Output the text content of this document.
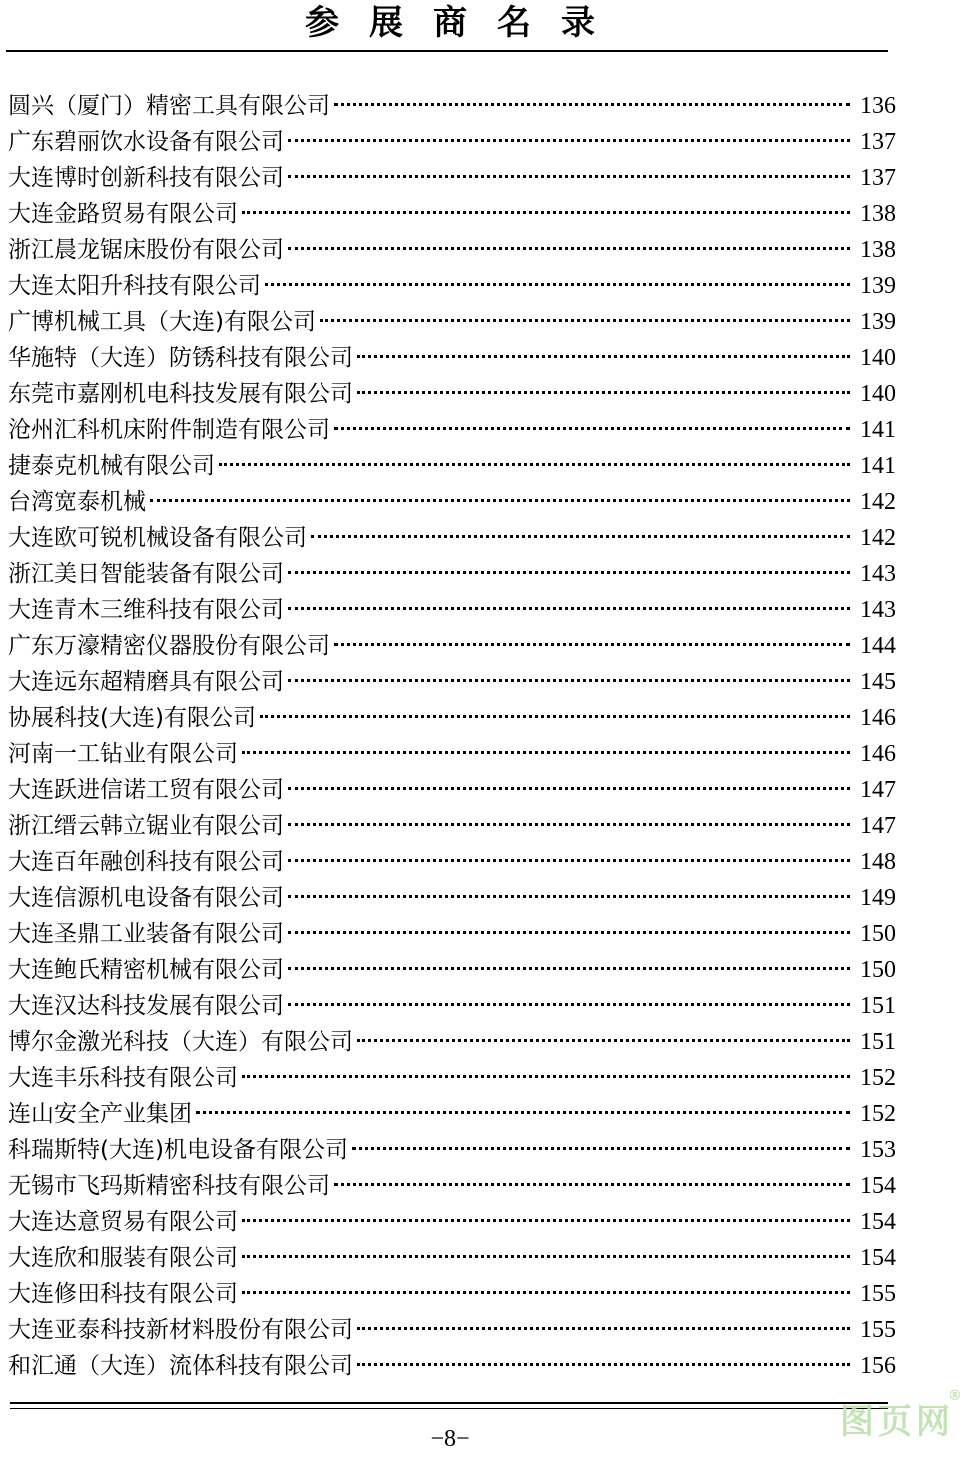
参展商名录
圆兴（厦门）精密工具有限公司	136
广东碧丽饮水设备有限公司	137
大连博时创新科技有限公司	137
大连金路贸易有限公司	138
浙江晨龙锯床股份有限公司	138
大连太阳升科技有限公司	139
广博机械工具（大连)有限公司	139
华施特（大连）防锈科技有限公司	140
东莞市嘉刚机电科技发展有限公司	140
沧州汇科机床附件制造有限公司	141
捷泰克机械有限公司	141
台湾宽泰机械	142
大连欧可锐机械设备有限公司	142
浙江美日智能装备有限公司	143
大连青木三维科技有限公司	143
广东万濠精密仪器股份有限公司	144
大连远东超精磨具有限公司	145
协展科技(大连)有限公司	146
河南一工钻业有限公司	146
大连跃进信诺工贸有限公司	147
浙江缙云韩立锯业有限公司	147
大连百年融创科技有限公司	148
大连信源机电设备有限公司	149
大连圣鼎工业装备有限公司	150
大连鲍氏精密机械有限公司	150
大连汉达科技发展有限公司	151
博尔金激光科技（大连）有限公司	151
大连丰乐科技有限公司	152
连山安全产业集团	152
科瑞斯特(大连)机电设备有限公司	153
无锡市飞玛斯精密科技有限公司	154
大连达意贸易有限公司	154
大连欣和服装有限公司	154
大连修田科技有限公司	155
大连亚泰科技新材料股份有限公司	155
和汇通（大连）流体科技有限公司	156
−8−	图页网
®
